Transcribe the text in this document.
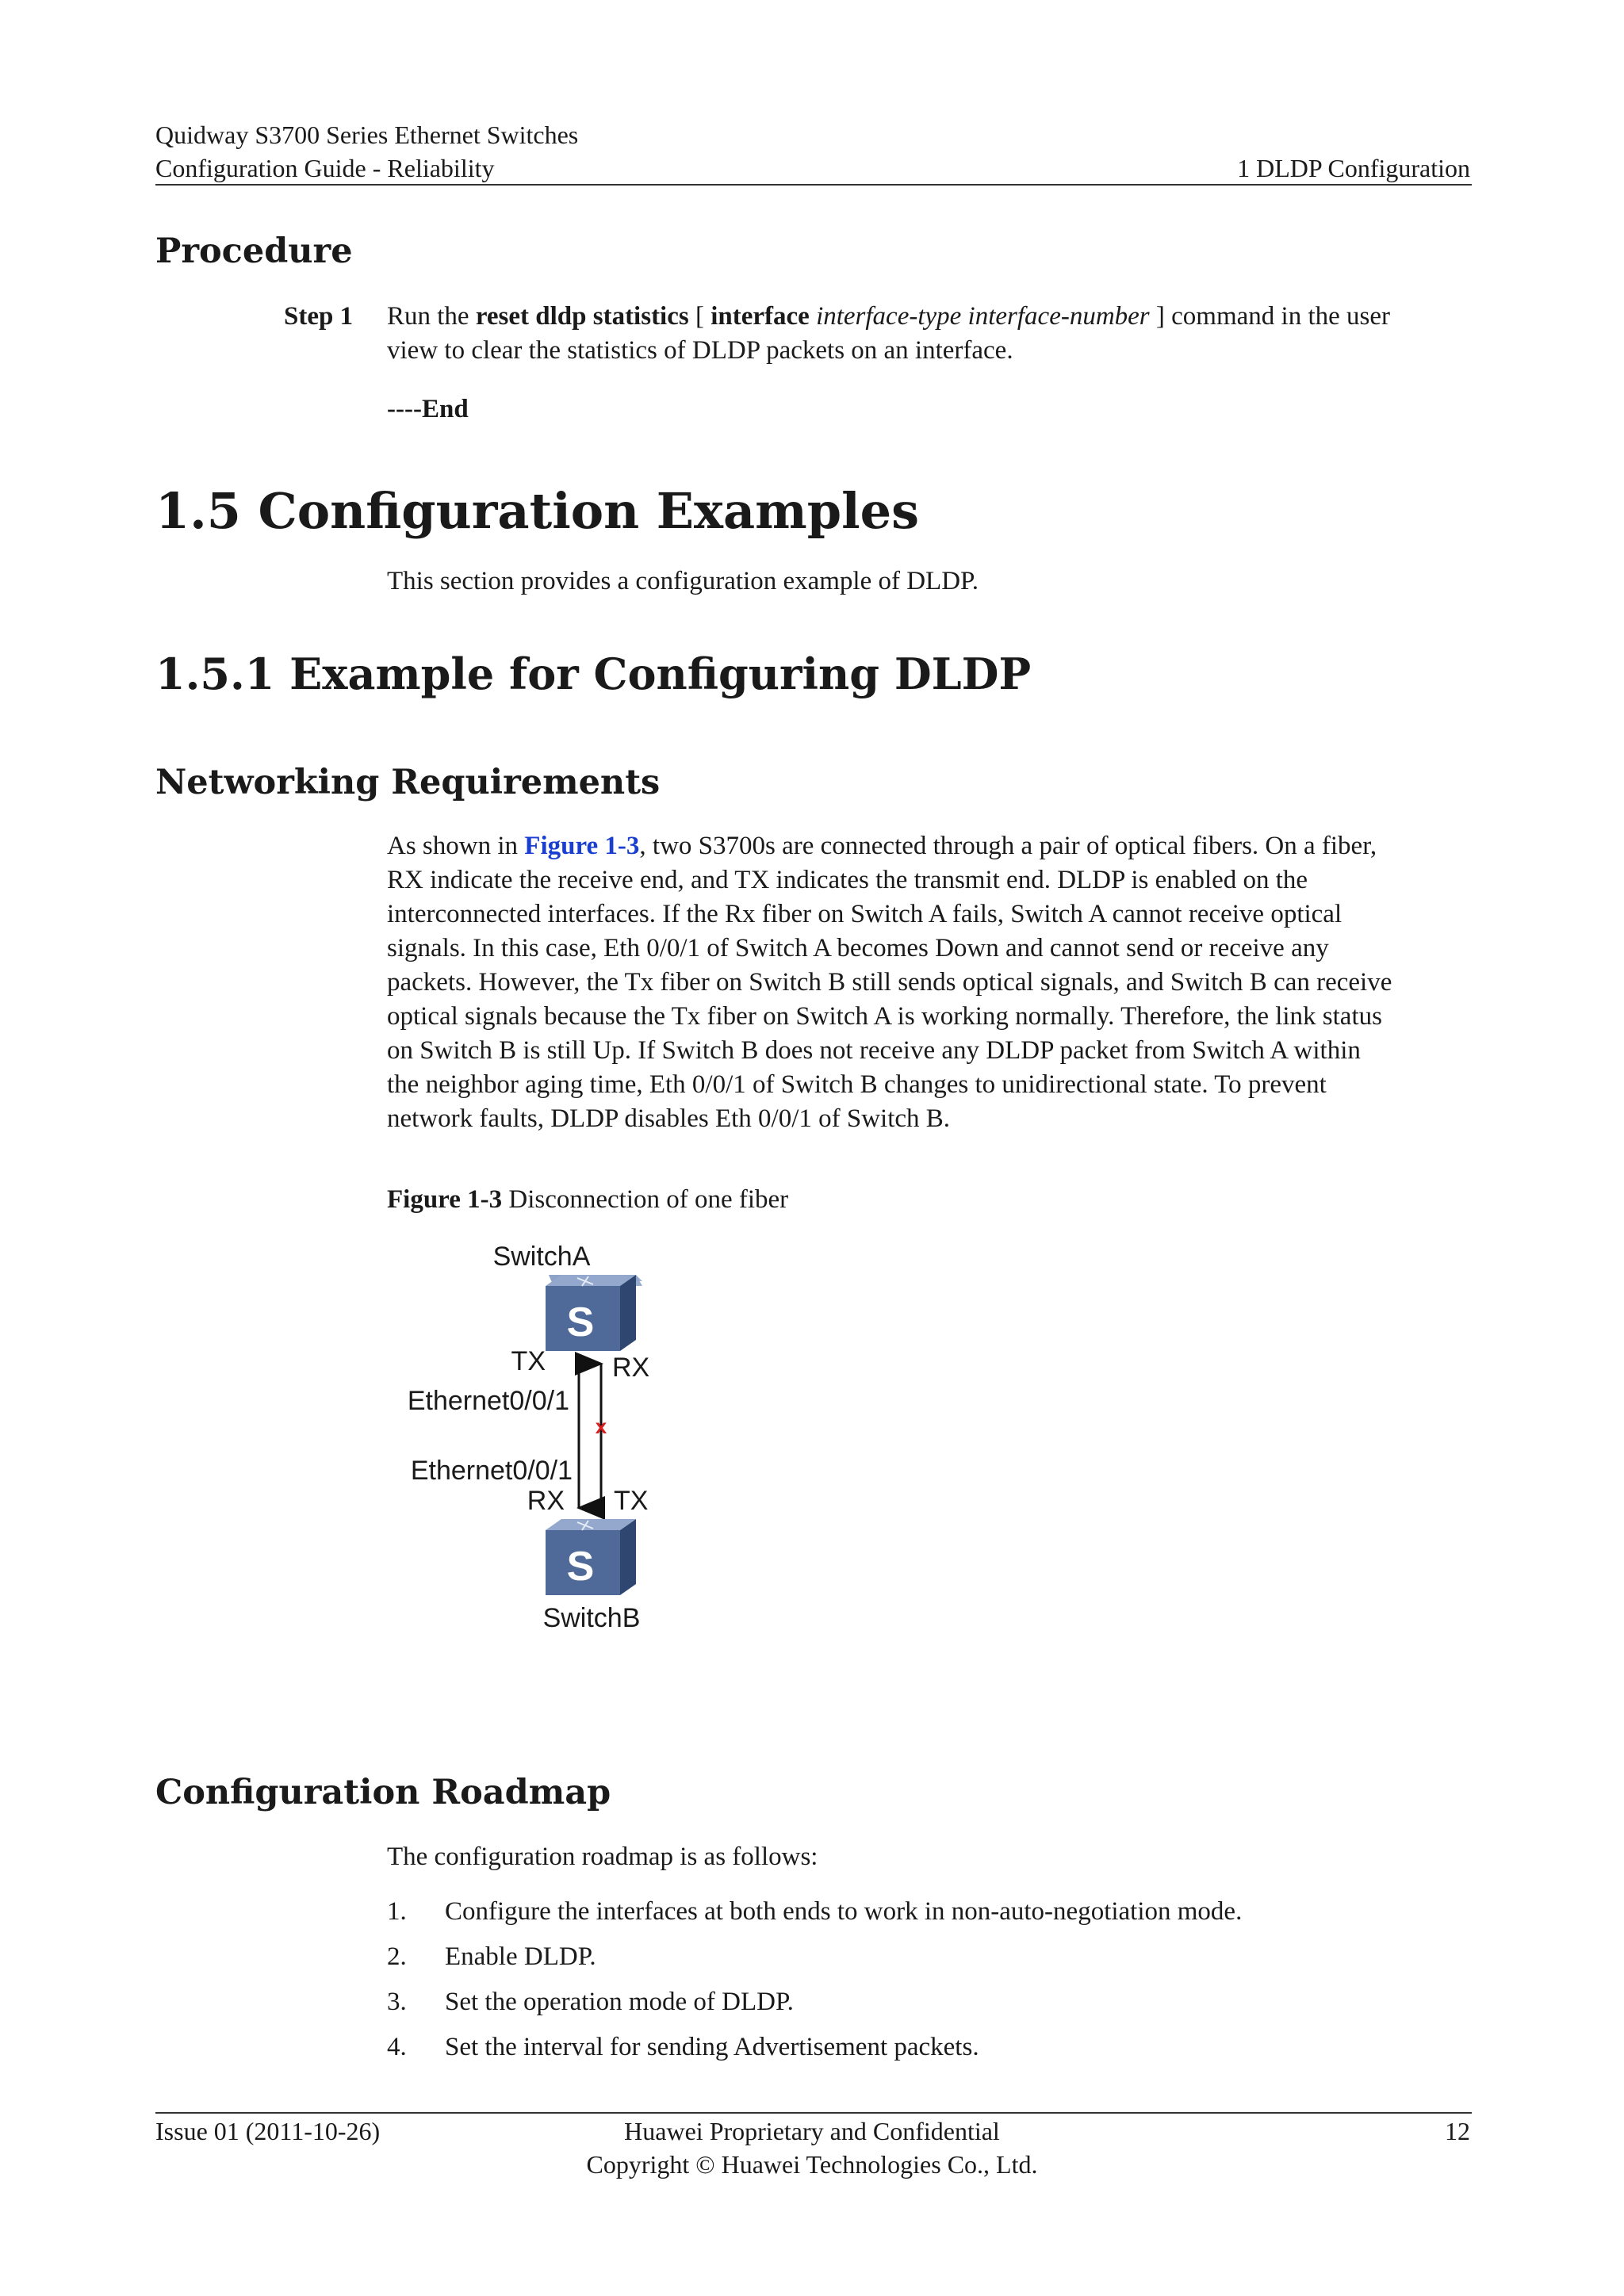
Quidway S3700 Series Ethernet Switches
Configuration Guide - Reliability	1 DLDP Configuration
Procedure
Step 1 Run the reset dldp statistics [ interface interface-type interface-number ] command in the user
view to clear the statistics of DLDP packets on an interface.
----End
1.5 Configuration Examples
This section provides a configuration example of DLDP.
1.5.1 Example for Configuring DLDP
Networking Requirements
As shown in Figure 1-3, two S3700s are connected through a pair of optical fibers. On a fiber,
RX indicate the receive end, and TX indicates the transmit end. DLDP is enabled on the
interconnected interfaces. If the Rx fiber on Switch A fails, Switch A cannot receive optical
signals. In this case, Eth 0/0/1 of Switch A becomes Down and cannot send or receive any
packets. However, the Tx fiber on Switch B still sends optical signals, and Switch B can receive
optical signals because the Tx fiber on Switch A is working normally. Therefore, the link status
on Switch B is still Up. If Switch B does not receive any DLDP packet from Switch A within
the neighbor aging time, Eth 0/0/1 of Switch B changes to unidirectional state. To prevent
network faults, DLDP disables Eth 0/0/1 of Switch B.
Figure 1-3 Disconnection of one fiber
SwitchA
S
TX RX
Ethernet0/0/1
Ethernet0/0/1
RX TX
x
S
SwitchB
Configuration Roadmap
The configuration roadmap is as follows:
1. Configure the interfaces at both ends to work in non-auto-negotiation mode.
2. Enable DLDP.
3. Set the operation mode of DLDP.
4. Set the interval for sending Advertisement packets.
Issue 01 (2011-10-26)	Huawei Proprietary and Confidential
Copyright © Huawei Technologies Co., Ltd.
12
